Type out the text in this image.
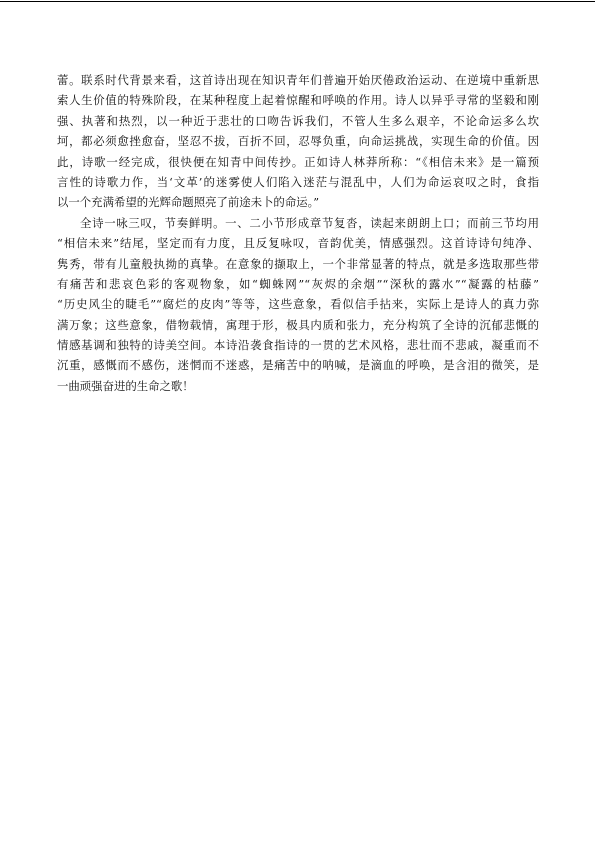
蕾。联系时代背景来看，这首诗出现在知识青年们普遍开始厌倦政治运动、在逆境中重新思
索人生价值的特殊阶段，在某种程度上起着惊醒和呼唤的作用。诗人以异乎寻常的坚毅和刚
强、执著和热烈，以一种近于悲壮的口吻告诉我们，不管人生多么艰辛，不论命运多么坎
坷，都必须愈挫愈奋，坚忍不拔，百折不回，忍辱负重，向命运挑战，实现生命的价值。因
此，诗歌一经完成，很快便在知青中间传抄。正如诗人林莽所称：“《相信未来》是一篇预
言性的诗歌力作，当‘文革’的迷雾使人们陷入迷茫与混乱中，人们为命运哀叹之时，食指
以一个充满希望的光辉命题照亮了前途未卜的命运。”
全诗一咏三叹，节奏鲜明。一、二小节形成章节复沓，读起来朗朗上口；而前三节均用
“相信未来”结尾，坚定而有力度，且反复咏叹，音韵优美，情感强烈。这首诗诗句纯净、
隽秀，带有儿童般执拗的真挚。在意象的撷取上，一个非常显著的特点，就是多选取那些带
有痛苦和悲哀色彩的客观物象，如“蜘蛛网”“灰烬的余烟”“深秋的露水”“凝露的枯藤”
“历史风尘的睫毛”“腐烂的皮肉”等等，这些意象，看似信手拈来，实际上是诗人的真力弥
满万象；这些意象，借物载情，寓理于形，极具内质和张力，充分构筑了全诗的沉郁悲慨的
情感基调和独特的诗美空间。本诗沿袭食指诗的一贯的艺术风格，悲壮而不悲戚，凝重而不
沉重，感慨而不感伤，迷惘而不迷惑，是痛苦中的呐喊，是滴血的呼唤，是含泪的微笑，是
一曲顽强奋进的生命之歌！
